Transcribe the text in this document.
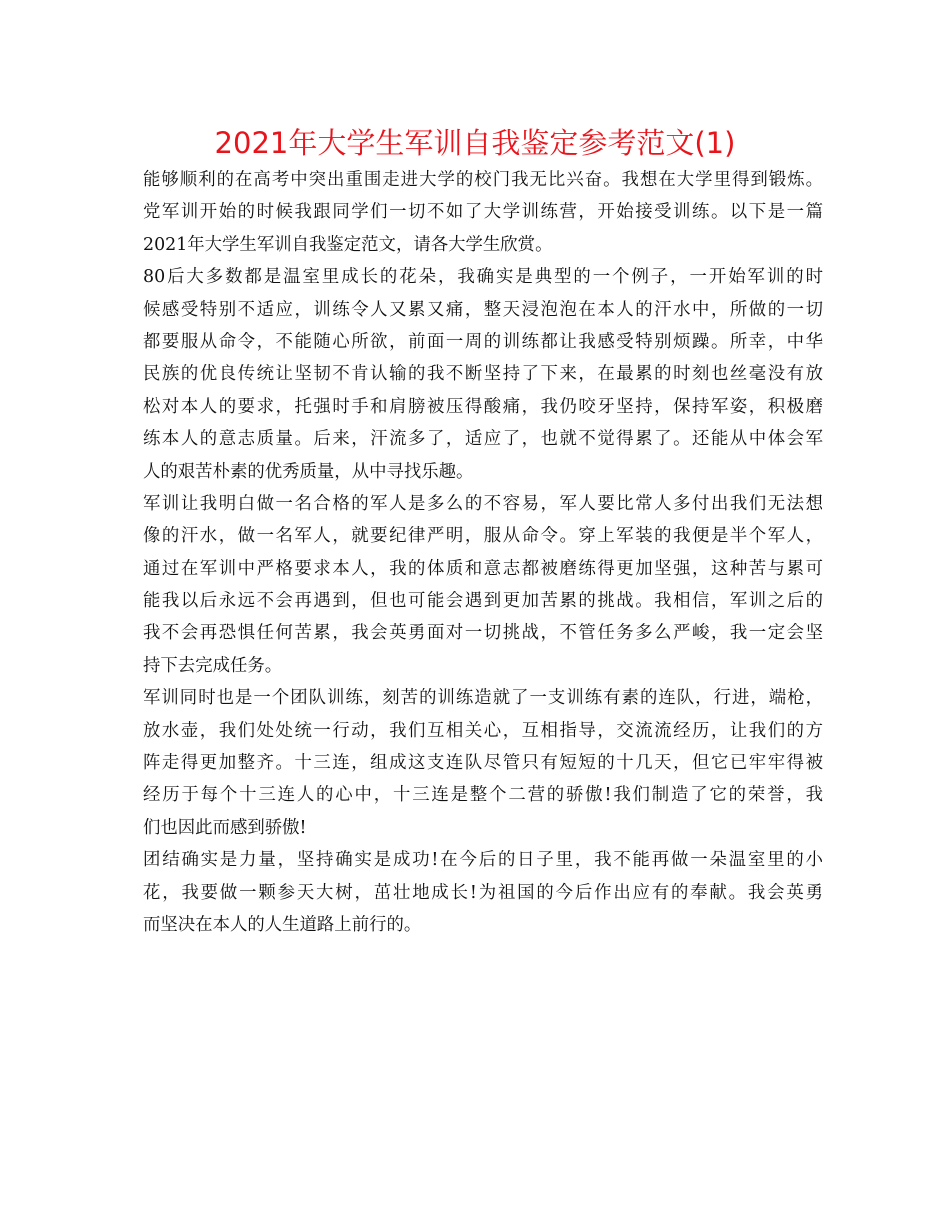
2021年大学生军训自我鉴定参考范文(1)
能够顺利的在高考中突出重围走进大学的校门我无比兴奋。我想在大学里得到锻炼。
党军训开始的时候我跟同学们一切不如了大学训练营，开始接受训练。以下是一篇
2021年大学生军训自我鉴定范文，请各大学生欣赏。
80后大多数都是温室里成长的花朵，我确实是典型的一个例子，一开始军训的时
候感受特别不适应，训练令人又累又痛，整天浸泡泡在本人的汗水中，所做的一切
都要服从命令，不能随心所欲，前面一周的训练都让我感受特别烦躁。所幸，中华
民族的优良传统让坚韧不肯认输的我不断坚持了下来，在最累的时刻也丝毫没有放
松对本人的要求，托强时手和肩膀被压得酸痛，我仍咬牙坚持，保持军姿，积极磨
练本人的意志质量。后来，汗流多了，适应了，也就不觉得累了。还能从中体会军
人的艰苦朴素的优秀质量，从中寻找乐趣。
军训让我明白做一名合格的军人是多么的不容易，军人要比常人多付出我们无法想
像的汗水，做一名军人，就要纪律严明，服从命令。穿上军装的我便是半个军人，
通过在军训中严格要求本人，我的体质和意志都被磨练得更加坚强，这种苦与累可
能我以后永远不会再遇到，但也可能会遇到更加苦累的挑战。我相信，军训之后的
我不会再恐惧任何苦累，我会英勇面对一切挑战，不管任务多么严峻，我一定会坚
持下去完成任务。
军训同时也是一个团队训练，刻苦的训练造就了一支训练有素的连队，行进，端枪，
放水壶，我们处处统一行动，我们互相关心，互相指导，交流流经历，让我们的方
阵走得更加整齐。十三连，组成这支连队尽管只有短短的十几天，但它已牢牢得被
经历于每个十三连人的心中，十三连是整个二营的骄傲!我们制造了它的荣誉，我
们也因此而感到骄傲!
团结确实是力量，坚持确实是成功!在今后的日子里，我不能再做一朵温室里的小
花，我要做一颗参天大树，茁壮地成长!为祖国的今后作出应有的奉献。我会英勇
而坚决在本人的人生道路上前行的。
